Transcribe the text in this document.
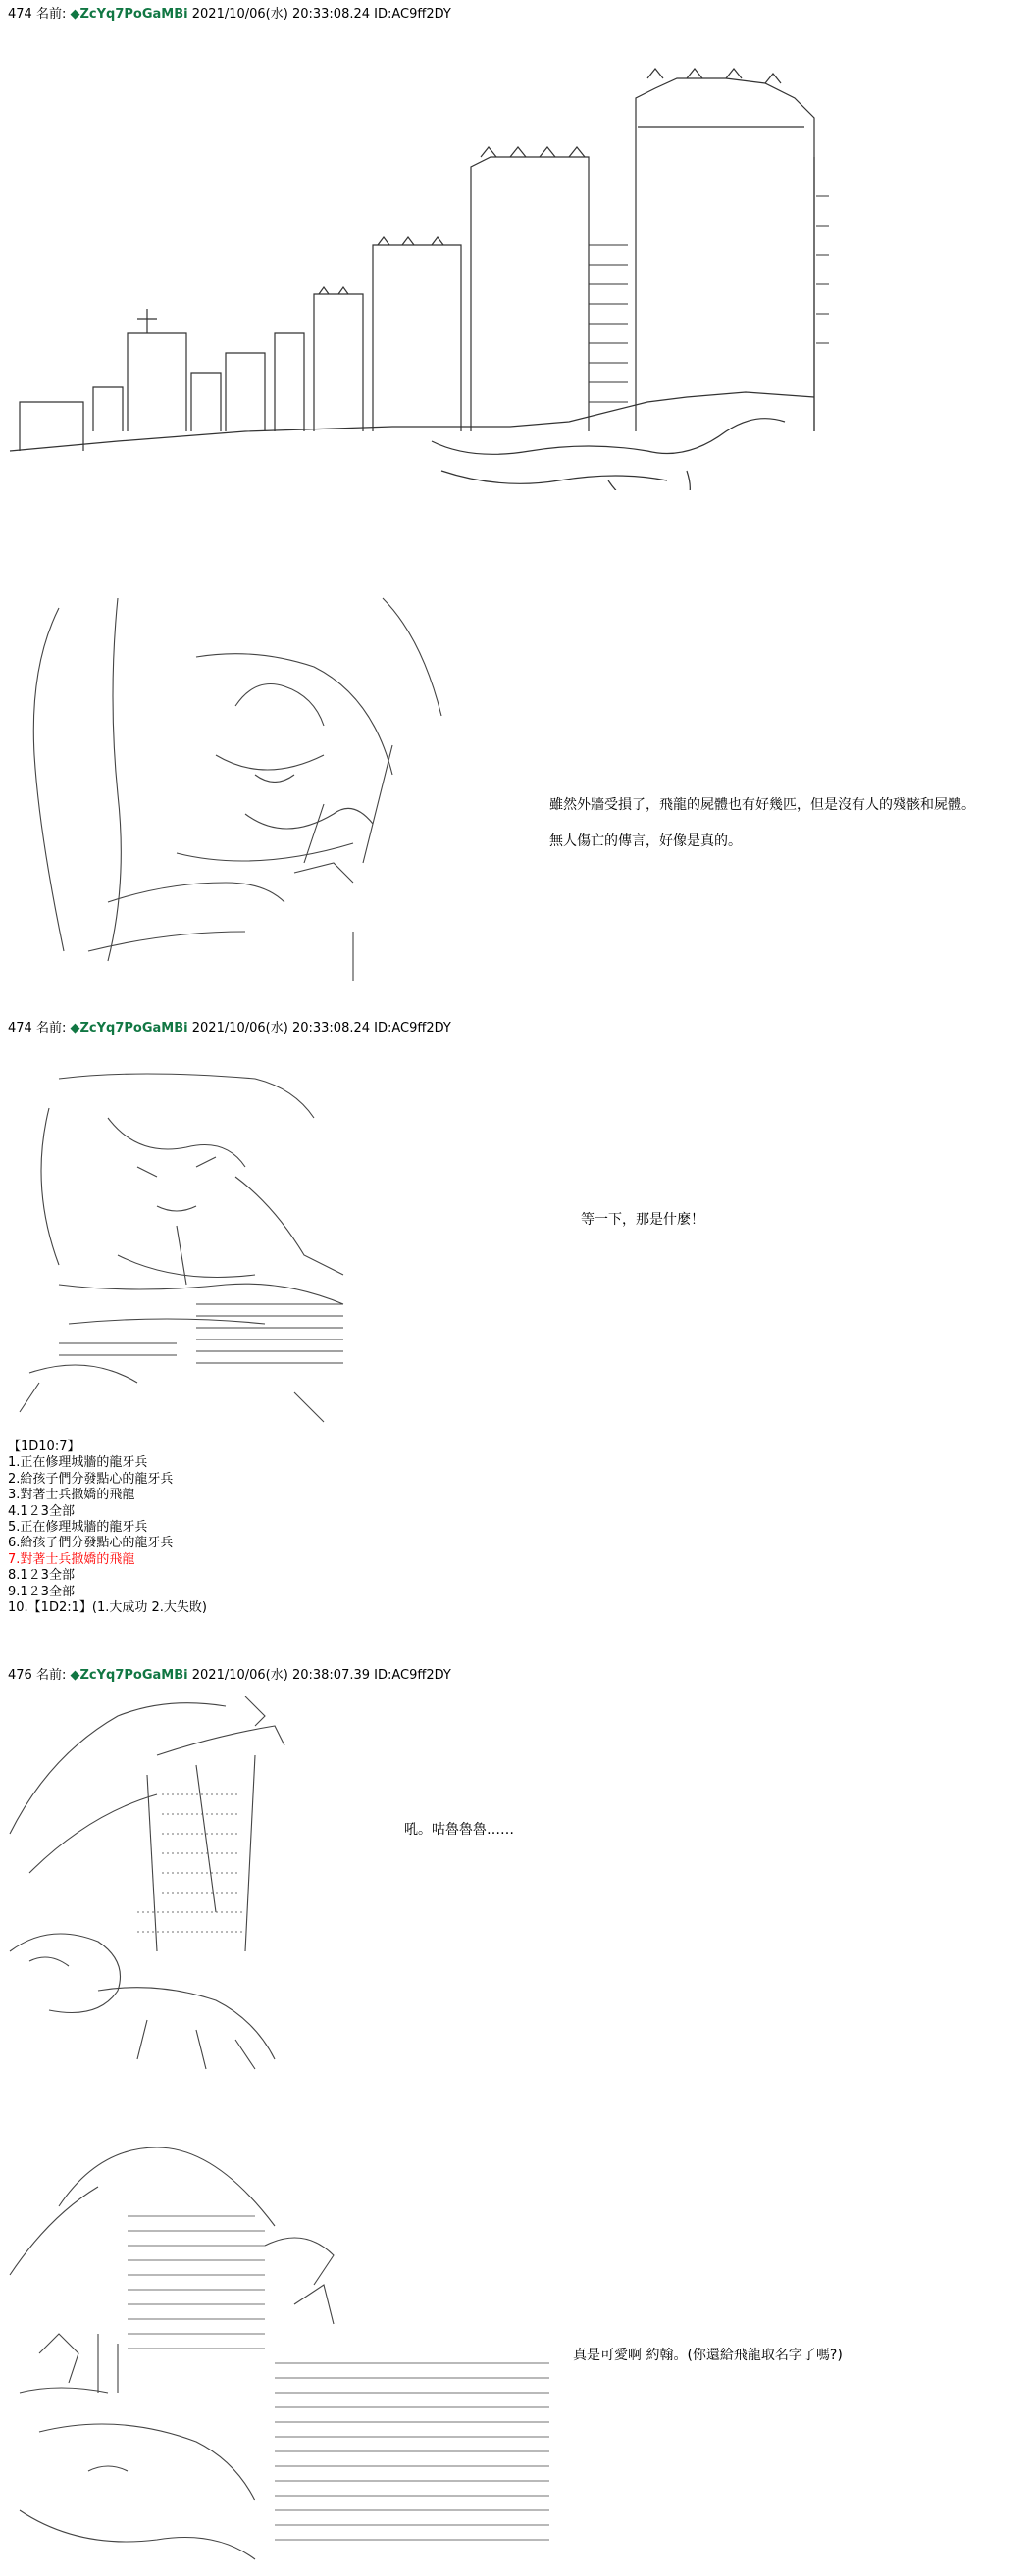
474 名前: ◆ZcYq7PoGaMBi 2021/10/06(水) 20:33:08.24 ID:AC9ff2DY
雖然外牆受損了，飛龍的屍體也有好幾匹，但是沒有人的殘骸和屍體。
無人傷亡的傳言，好像是真的。
474 名前: ◆ZcYq7PoGaMBi 2021/10/06(水) 20:33:08.24 ID:AC9ff2DY
等一下，那是什麼！
【1D10:7】
1.正在修理城牆的龍牙兵
2.給孩子們分發點心的龍牙兵
3.對著士兵撒嬌的飛龍
4.1２3全部
5.正在修理城牆的龍牙兵
6.給孩子們分發點心的龍牙兵
7.對著士兵撒嬌的飛龍
8.1２3全部
9.1２3全部
10.【1D2:1】(1.大成功 2.大失敗)
476 名前: ◆ZcYq7PoGaMBi 2021/10/06(水) 20:38:07.39 ID:AC9ff2DY
吼。咕魯魯魯……
真是可愛啊 約翰。(你還給飛龍取名字了嗎?)
